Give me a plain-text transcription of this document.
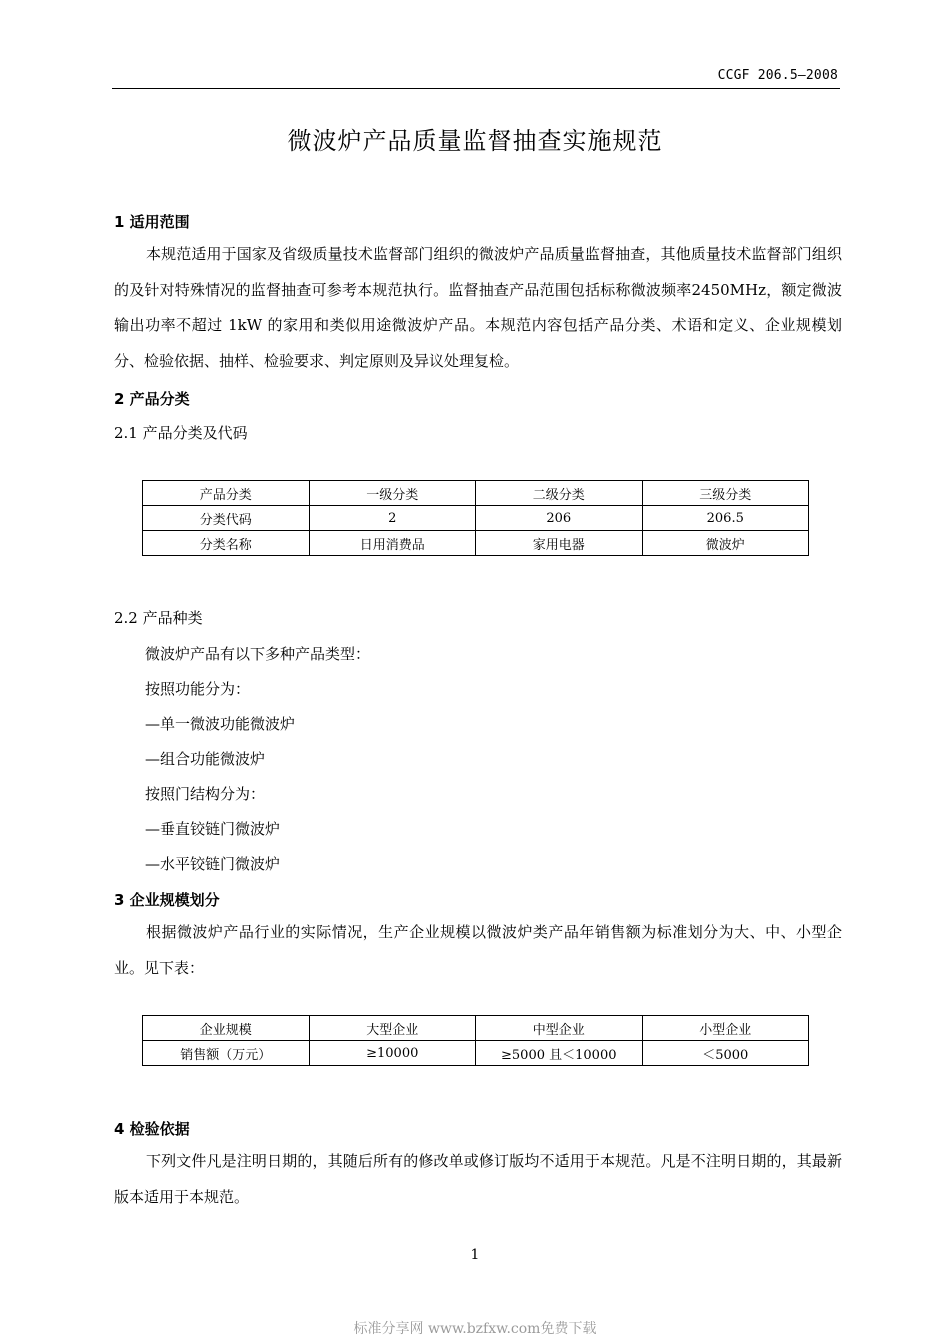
CCGF 206.5—2008
微波炉产品质量监督抽查实施规范
1 适用范围
本规范适用于国家及省级质量技术监督部门组织的微波炉产品质量监督抽查，其他质量技术监督部门组织的及针对特殊情况的监督抽查可参考本规范执行。监督抽查产品范围包括标称微波频率2450MHz，额定微波输出功率不超过 1kW 的家用和类似用途微波炉产品。本规范内容包括产品分类、术语和定义、企业规模划分、检验依据、抽样、检验要求、判定原则及异议处理复检。
2 产品分类
2.1 产品分类及代码
产品分类	一级分类	二级分类	三级分类
分类代码	2	206	206.5
分类名称	日用消费品	家用电器	微波炉
2.2 产品种类
微波炉产品有以下多种产品类型：
按照功能分为：
—单一微波功能微波炉
—组合功能微波炉
按照门结构分为：
—垂直铰链门微波炉
—水平铰链门微波炉
3 企业规模划分
根据微波炉产品行业的实际情况，生产企业规模以微波炉类产品年销售额为标准划分为大、中、小型企业。见下表：
企业规模	大型企业	中型企业	小型企业
销售额（万元）	≥10000	≥5000 且＜10000	＜5000
4 检验依据
下列文件凡是注明日期的，其随后所有的修改单或修订版均不适用于本规范。凡是不注明日期的，其最新版本适用于本规范。
1
标准分享网 www.bzfxw.com免费下载
